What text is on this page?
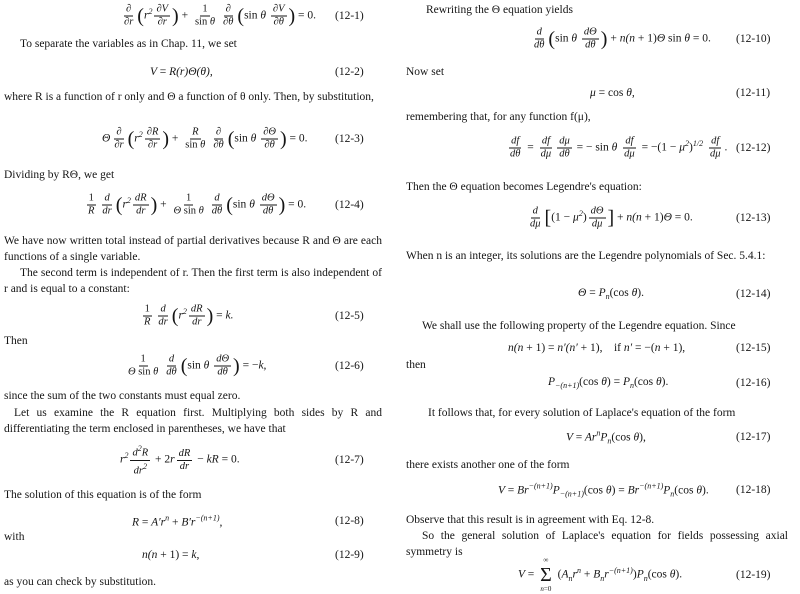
$\frac{\partial}{\partial r} (r^2 \frac{\partial V}{\partial r}$ ) + $\frac{1}{\text{sin θ}} \frac{\partial}{\partial\theta} (\sin$ θ $\frac{\partial V}{\partial\theta}$ ) = 0. (12-1)

To separate the variables as in Chap. 11, we set

V = R(r)Θ(θ),	(12-2)

where R is a function of r only and Θ a function of θ only. Then, by substitution,

Θ $\frac{\partial}{\partial r} (r^2 \frac{\partial R}{\partial r}$ ) + $\frac{R}{\text{sin θ}} \frac{\partial}{\partial\theta} (\sin$ θ $\frac{\partial\Theta}{\partial\theta}$ ) = 0. (12-3)

Dividing by RΘ, we get

$\frac{1}{R} \frac{d}{dr} (r^2 \frac{dR}{dr}$ ) + $\frac{1}{\text{Θ sin θ}} \frac{d}{d\theta} (\sin$ θ $\frac{d\Theta}{d\theta}$ ) = 0.	(12-4)

We have now written total instead of partial derivatives because R and Θ are each functions of a single variable.

The second term is independent of r. Then the first term is also independent of r and is equal to a constant:

$\frac{1}{R} \frac{d}{dr} (r^2 \frac{dR}{dr}$ ) = k.	(12-5)

Then

$\frac{1}{\text{Θ sin θ}} \frac{d}{d\theta} (\sin$ θ $\frac{d\Theta}{d\theta}$ ) = −k,	(12-6)

since the sum of the two constants must equal zero.

Let us examine the R equation first. Multiplying both sides by R and differentiating the term enclosed in parentheses, we have that

$r^2 \frac{d^2R}{dr^2} + 2r \frac{dR}{dr}$ − kR = 0.	(12-7)

The solution of this equation is of the form

$R = A'r^n + B'r^{-(n+1)}$,	(12-8)

with

n(n + 1) = k,	(12-9)

as you can check by substitution.

Rewriting the Θ equation yields

$\frac{d}{d\theta} (\sin$ θ $\frac{d\Theta}{d\theta}$ ) + n(n + 1)Θ sin θ = 0. (12-10)

Now set

μ = cos θ,	(12-11)

remembering that, for any function f(μ),

$\frac{df}{d\theta} = \frac{df}{d\mu} \frac{d\mu}{d\theta}$ = − sin θ $\frac{df}{d\mu} = -(1 - \mu^2)^{1/2} \frac{df}{d\mu}$ . (12-12)

Then the Θ equation becomes Legendre's equation:

$\frac{d}{d\mu} [(1 - \mu^2) \frac{d\Theta}{d\mu}$ ] + n(n + 1)Θ = 0.	(12-13)

When n is an integer, its solutions are the Legendre polynomials of Sec. 5.4.1:

$\Theta = P_n(\cos$ θ).	(12-14)

We shall use the following property of the Legendre equation. Since

n(n + 1) = n′(n′ + 1), if n′ = −(n + 1),	(12-15)

then

$P_{-(n+1)}(\cos$ $\theta) = P_n(\cos$ θ).	(12-16)

It follows that, for every solution of Laplace's equation of the form

$V = Ar^nP_n(\cos$ θ),	(12-17)

there exists another one of the form

$V = Br^{-(n+1)}P_{-(n+1)}(\cos$ $\theta) = Br^{-(n+1)}P_n(\cos$ θ). (12-18)

Observe that this result is in agreement with Eq. 12-8.

So the general solution of Laplace's equation for fields possessing axial symmetry is

V =
∞
Σ
n=0
$(A_nr^n + B_nr^{-(n+1)})P_n(\cos$ θ).	(12-19)
